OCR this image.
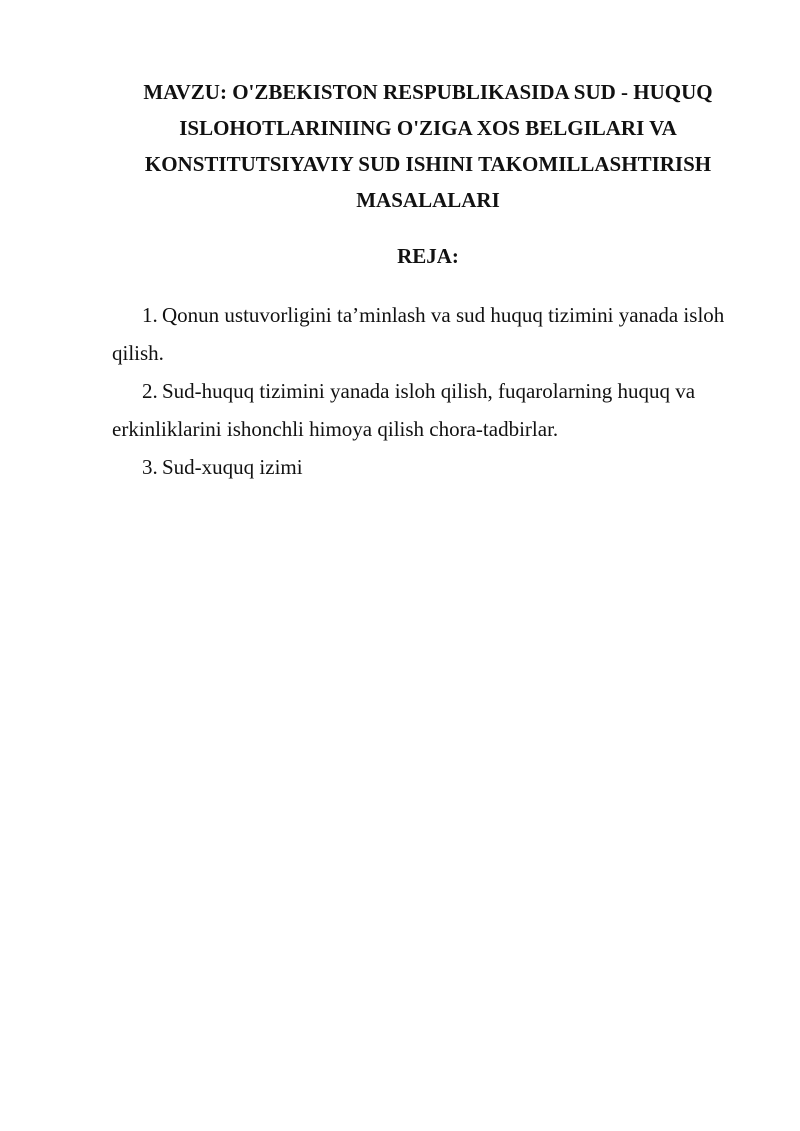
MAVZU: O'ZBEKISTON RESPUBLIKASIDA SUD - HUQUQ
ISLOHOTLARINIING O'ZIGA XOS BELGILARI VA
KONSTITUTSIYAVIY SUD ISHINI TAKOMILLASHTIRISH
MASALALARI
REJA:
1. Qonun ustuvorligini ta’minlash va sud huquq tizimini yanada isloh
qilish.
2. Sud-huquq tizimini yanada isloh qilish, fuqarolarning huquq va
erkinliklarini ishonchli himoya qilish chora-tadbirlar.
3. Sud-xuquq izimi
